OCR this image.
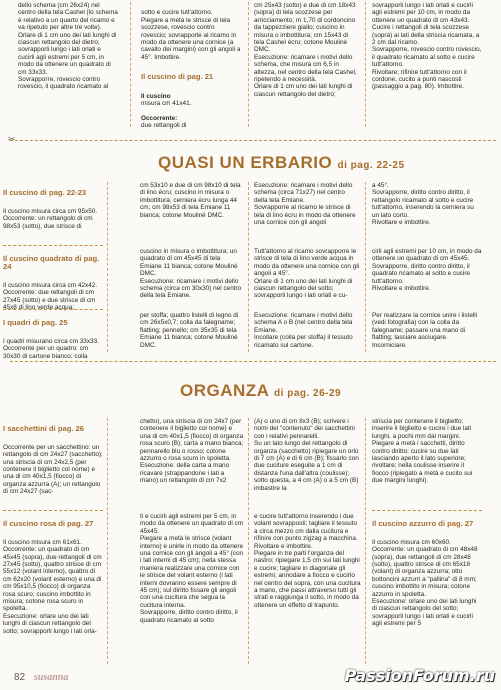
dello schema (cm 26x24) nel centro della tela Cashel (lo schema è relativo a un quarto del ricamo e va ripetuto per altre tre volte).
Orlare di 1 cm uno dei lati lunghi di ciascun rettangolo del dietro; sovrapporli lungo i lati orlati e cucirli agli estremi per 5 cm, in modo da ottenere un quadrato di cm 33x33.
Sovrapporre, rovescio contro rovescio, il quadrato ricamato al

sotto e cucire tutt'attorno.
Piegare a metà le strisce di tela scozzese, rovescio contro rovescio; sovrapporle al ricamo in modo da ottenere una cornice (a cavallo dei margini) con gli angoli a 45°. Imbottire.

Il cuscino di pag. 21

Il cuscino
misura cm 41x41.

Occorrente:
due rettangoli di

cm 25x43 (sotto) e due di cm 18x43 (sopra) di tela scozzese per arricciamento; m 1,70 di cordoncino da tappezziere giallo; cuscino in misura o imbottitura; cm 15x43 di tela Cashel écru; cotone Mouliné DMC.
Esecuzione: ricamare i motivi dello schema, che misura cm 6,5 in altezza, nel centro della tela Cashel, ripetendo a necessità.
Orlare di 1 cm uno dei lati lunghi di ciascun rettangolo del dietro;
sovrapporli lungo i lati orlati e cucirli agli estremi per 10 cm, in modo da ottenere un quadrato di cm 43x43.
Cucire i rettangoli di tela scozzese (sopra) ai lati della striscia ricamata, a 2 cm dal ricamo.
Sovrapporre, rovescio contro rovescio, il quadrato ricamato al sotto e cucire tutt'attorno.
Rivoltare; rifinire tutt'attorno con il cordone, cucito a punti nascosti (passaggio a pag. 80). Imbottire.
✂
QUASI UN ERBARIO di pag. 22-25

Il cuscino di pag. 22-23

Il cuscino misura circa cm 95x50.
Occorrente: un rettangolo di cm 98x53 (sotto), due strisce di

cm 53x10 e due di cm 98x10 di tela di lino écru; cuscino in misura o imbottitura; cerniera écru lunga 44 cm; cm 98x53 di tela Emiane 11 bianca; cotone Mouliné DMC.
Esecuzione: ricamare i motivi dello schema (circa 71x27) nel centro della tela Emiane.
Sovrapporre al ricamo le strisce di tela di lino écru in modo da ottenere una cornice con gli angoli
a 45°.
Sovrapporre, diritto contro diritto, il rettangolo ricamato al sotto e cucire tutt'attorno, inserendo la cerniera su un lato corto.
Rivoltare e imbottire.

Il cuscino quadrato di pag. 24

Il cuscino misura circa cm 42x42.
Occorrente: due rettangoli di cm 27x45 (sotto) e due strisce di cm 45x8 di lino verde acqua;

cuscino in misura o imbottitura; un quadrato di cm 45x45 di tela Emiane 11 bianca; cotone Mouliné DMC.
Esecuzione: ricamare i motivi dello schema (circa cm 30x30) nel centro della tela Emiane.
Tutt'attorno al ricamo sovrapporre le strisce di tela di lino verde acqua in modo da ottenere una cornice con gli angoli a 45°.
Orlare di 1 cm uno dei lati lunghi di ciascun rettangolo del sotto; sovrapporli lungo i lati orlati e cu-
cirli agli estremi per 10 cm, in modo da ottenere un quadrato di cm 45x45.
Sovrapporre, diritto contro diritto, il quadrato ricamato al sotto e cucire tutt'attorno.
Rivoltare e imbottire.

I quadri di pag. 25

I quadri misurano circa cm 33x33.
Occorrente per un quadro: cm 30x30 di cartone bianco; colla

per stoffa; quattro listelli di legno di cm 26x5x0,7; colla da falegname; flatting; pennello; cm 35x35 di tela Emiane 11 bianca; cotone Mouliné DMC.
Esecuzione: ricamare i motivi dello schema A o B (nel centro della tela Emiane.
Incollare (colla per stoffa) il tessuto ricamato sul cartone.
Per realizzare la cornice unire i listelli (vedi fotografia) con la colla da falegname; passare una mano di flatting; lasciare asciugare. Incorniciare.
ORGANZA di pag. 26-29

I sacchettini di pag. 26

Occorrente per un sacchettino: un rettangolo di cm 24x27 (sacchetto); una striscia di cm 24x2,5 (per contenere il biglietto col nome) e una di cm 40x1,5 (fiocco) di organza azzurra (A); un rettangolo di cm 24x27 (sac-

chetto), una striscia di cm 24x7 (per contenere il biglietto col nome) e una di cm 40x1,5 (fiocco) di organza rosa scuro (B); carta a mano bianca; pennarello blu o rosso; cotone azzurro o rosa scuro in spoletta.
Esecuzione: della carta a mano ricavare (strappandone i lati a mano) un rettangolo di cm 7x2
(A) o uno di cm 8x3 (B); scrivere i nomi del "contenuto" dei sacchettini con i relativi pennarelli.
Su un lato lungo del rettangolo di organza (sacchetto) ripiegare un orlo di 7 cm (A) e di 6 cm (B); fissarlo con due cuciture eseguite a 1 cm di distanza l'una dall'altra (coulisse); sotto questa, a 4 cm (A) o a 5 cm (B) imbastire la
striscia per contenere il biglietto; inserire il biglietto e cucire i due lati lunghi, a pochi mm dal margini.
Piegare a metà i sacchetti, diritto contro diritto; cucire su due lati lasciando aperto il lato superiore; rivoltare; nella coulisse inserire il fiocco (ripiegato a metà e cucito sui due margini lunghi).

Il cuscino rosa di pag. 27

Il cuscino misura cm 61x61.
Occorrente: un quadrato di cm 45x45 (sopra), due rettangoli di cm 27x45 (sotto), quattro strisce di cm 55x12 (volant interno), quattro di cm 62x20 (volant esterno) e una di cm 95x10,5 (fiocco) di organza rosa scuro; cuscino imbottito in misura; cotone rosa scuro in spoletta.
Esecuzione: orlare uno dei lati lunghi di ciascun rettangolo del sotto; sovrapporli lungo i lati orla-

ti e cucirli agli estremi per 5 cm, in modo da ottenere un quadrato di cm 45x45.
Piegare a metà le strisce (volant interno) e unirle in modo da ottenere una cornice con gli angoli a 45° (con i lati interni di 45 cm); nella stessa maniera realizzare una cornice con le strisce del volant esterno (i lati interni dovranno essere sempre di 45 cm); sul diritto fissare gli angoli con una cucitura che segua la cucitura interna.
Sovrapporre, diritto contro diritto, il quadrato ricamato al sotto
e cucire tutt'attorno inserendo i due volant sovrapposti; tagliare il tessuto a circa mezzo cm dalla cucitura e rifinire con punto zigzag a macchina.
Rivoltare e imbottire.
Piegare in tre parti l'organza del nastro; ripiegare 1,5 cm sui lati lunghi e cucire; tagliare in diagonale gli estremi; annodare a fiocco e cucirlo nel centro del sopra, con una cucitura a mano, che passi attraverso tutti gli strati e raggiunga il sotto, in modo da ottenere un effetto di trapunto.

Il cuscino azzurro di pag. 27

Il cuscino misura cm 60x60.
Occorrente: un quadrato di cm 48x48 (sopra), due rettangoli di cm 28x48 (sotto), quattro strisce di cm 65x18 (volant) di organza azzurra; otto bottoncini azzurri a "pallina" di 8 mm; cuscino imbottito in misura; cotone azzurro in spoletta.
Esecuzione: orlare uno dei lati lunghi di ciascun rettangolo del sotto; sovrapporli lungo i lati orlati e cucirli agli estremi per 5

82 susanna	PassionForum.ru
